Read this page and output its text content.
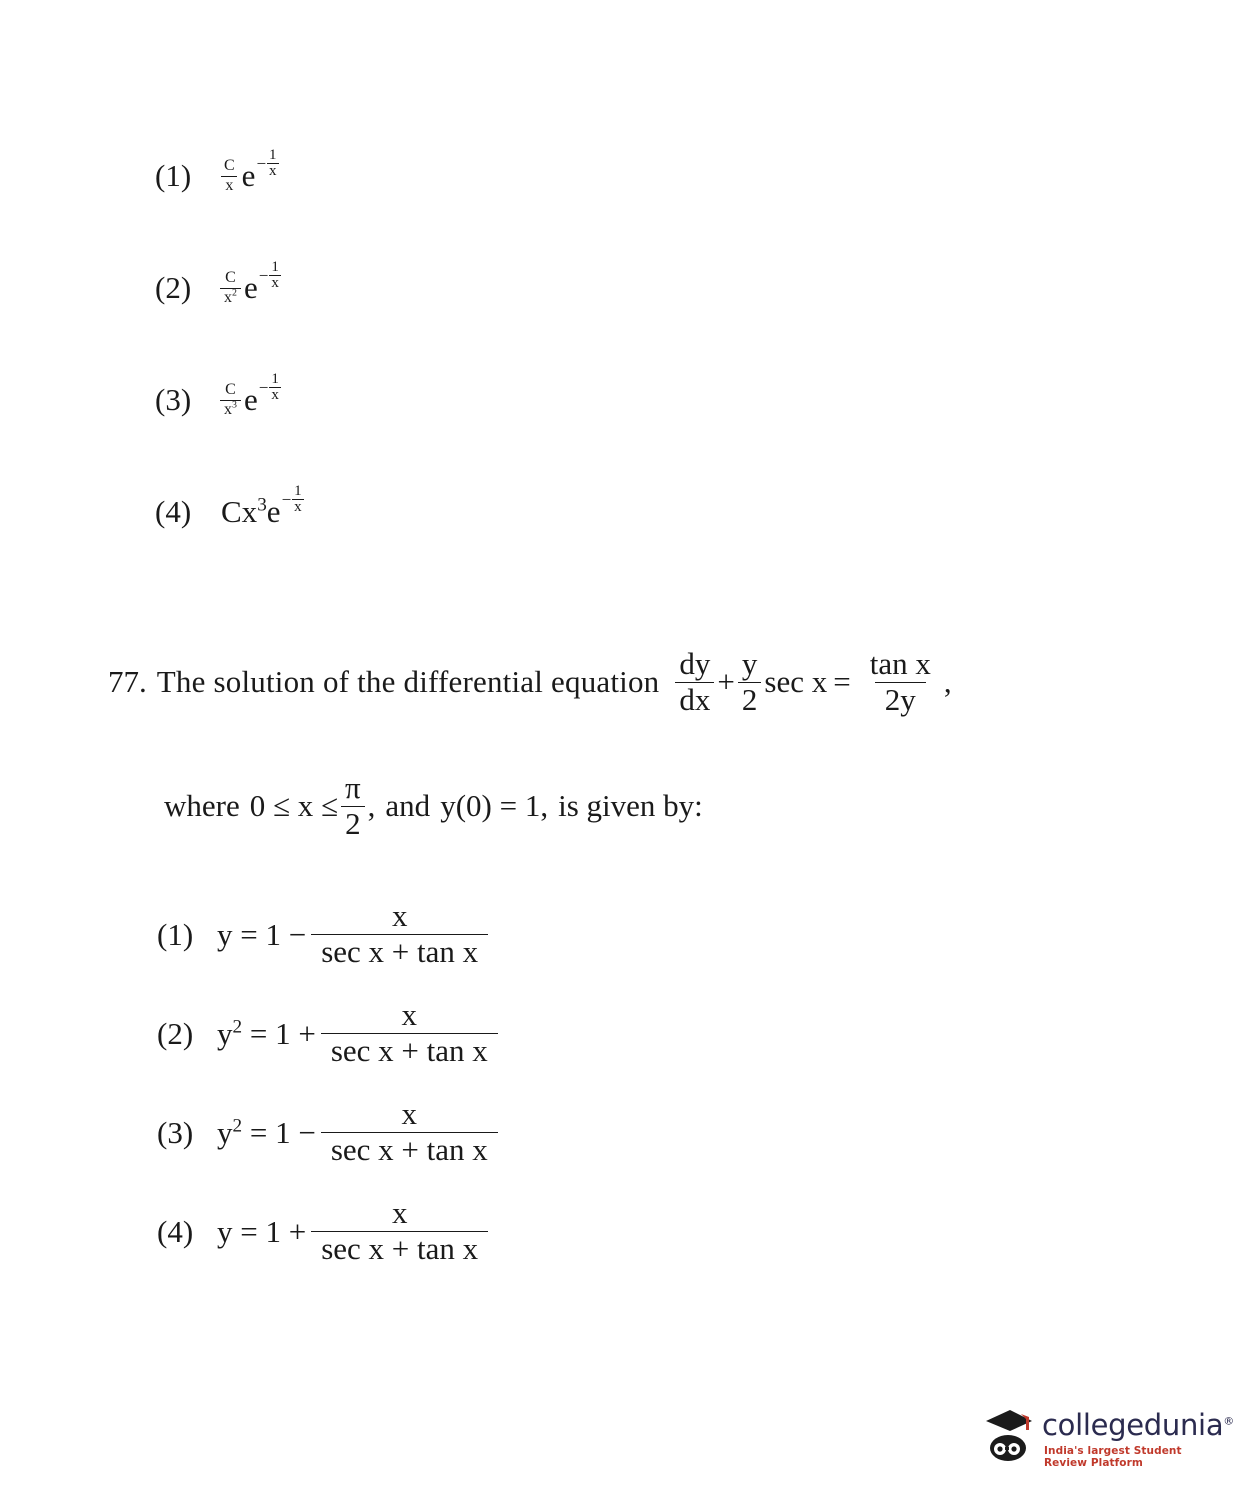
(1)	$\frac{C}{x}$ $e - \frac{1}{x}$
(2)	$\frac{C}{x^2}$ $e - \frac{1}{x}$
(3)	$\frac{C}{x^3}$ $e - \frac{1}{x}$
(4) $Cx^3e - \frac{1}{x}$
77. The solution of the differential equation $\frac{dy}{dx} + \frac{y}{2}$ $\sec x = \frac{\text{tan x}}{2y}$ ,
where $0 \le x \le \frac{\pi}{2}$ , and y(0) = 1, is given by:
(1) $y = 1 - \frac{x}{\text{sec x + tan x}}$
(2) $y^2 = 1 + \frac{x}{\text{sec x + tan x}}$
(3) $y^2 = 1 - \frac{x}{\text{sec x + tan x}}$
(4) $y = 1 + \frac{x}{\text{sec x + tan x}}$
collegedunia®
India's largest Student Review Platform
